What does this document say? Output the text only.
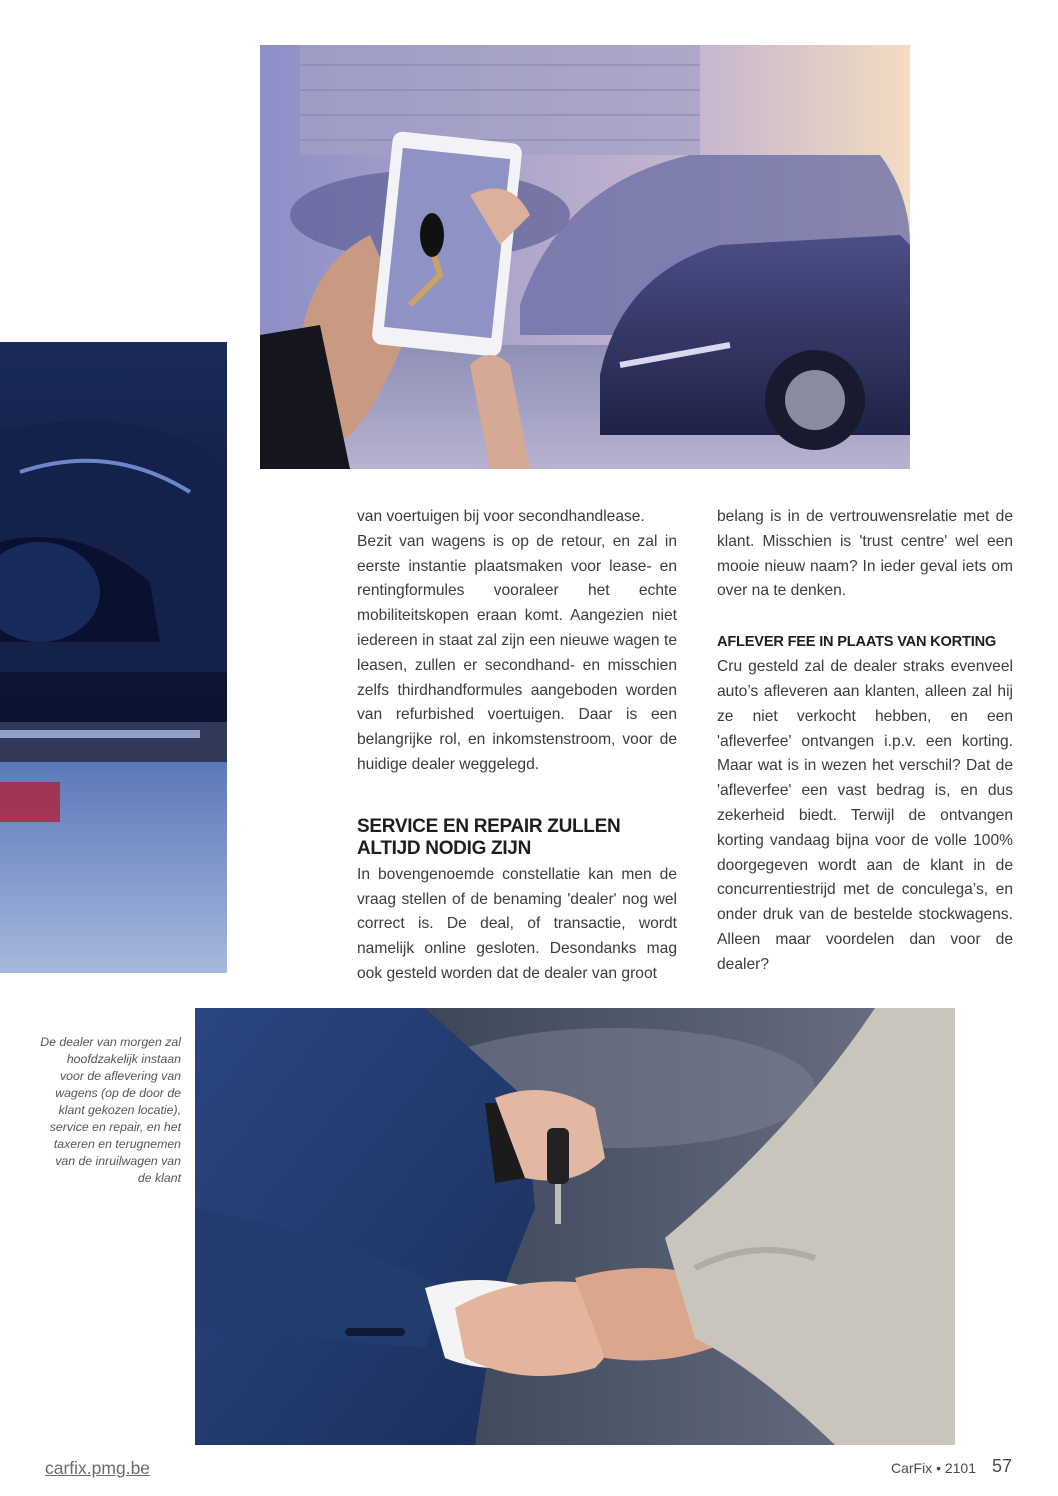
van voertuigen bij voor secondhandlease.

Bezit van wagens is op de retour, en zal in eerste instantie plaatsmaken voor lease- en rentingformules vooraleer het echte mobiliteitskopen eraan komt. Aangezien niet iedereen in staat zal zijn een nieuwe wagen te leasen, zullen er secondhand- en misschien zelfs thirdhandformules aangeboden worden van refurbished voertuigen. Daar is een belangrijke rol, en inkomstenstroom, voor de huidige dealer weggelegd.

SERVICE EN REPAIR ZULLEN ALTIJD NODIG ZIJN

In bovengenoemde constellatie kan men de vraag stellen of de benaming 'dealer' nog wel correct is. De deal, of transactie, wordt namelijk online gesloten. Desondanks mag ook gesteld worden dat de dealer van groot

belang is in de vertrouwensrelatie met de klant. Misschien is 'trust centre' wel een mooie nieuw naam? In ieder geval iets om over na te denken.

AFLEVER FEE IN PLAATS VAN KORTING

Cru gesteld zal de dealer straks evenveel auto’s afleveren aan klanten, alleen zal hij ze niet verkocht hebben, en een 'afleverfee' ontvangen i.p.v. een korting. Maar wat is in wezen het verschil? Dat de 'afleverfee' een vast bedrag is, en dus zekerheid biedt. Terwijl de ontvangen korting vandaag bijna voor de volle 100% doorgegeven wordt aan de klant in de concurrentiestrijd met de conculega’s, en onder druk van de bestelde stockwagens. Alleen maar voordelen dan voor de dealer?

De dealer van morgen zal hoofdzakelijk instaan voor de aflevering van wagens (op de door de klant gekozen locatie), service en repair, en het taxeren en terugnemen van de inruilwagen van de klant
carfix.pmg.be	CarFix • 2101 57
